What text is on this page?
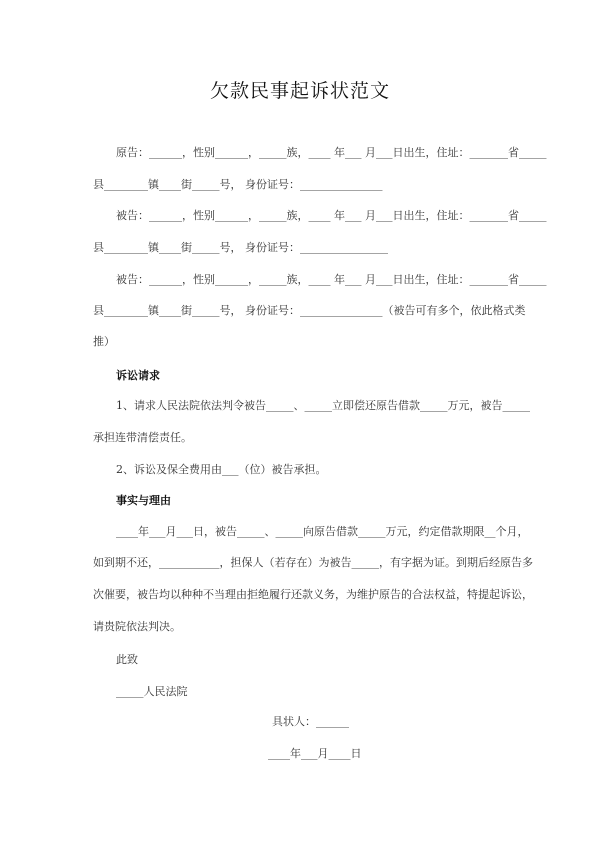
欠款民事起诉状范文
原告：______，性别______，_____族，____ 年___ 月___日出生，住址：_______省_____
县________镇____街_____号， 身份证号：_______________
被告：______，性别______，_____族，____ 年___ 月___日出生，住址：_______省_____
县________镇____街_____号， 身份证号：________________
被告：______，性别______，_____族，____ 年___ 月___日出生，住址：_______省_____
县________镇____街_____号， 身份证号：_______________（被告可有多个，依此格式类
推）
诉讼请求
1、请求人民法院依法判令被告_____、_____立即偿还原告借款_____万元，被告_____
承担连带清偿责任。
2、诉讼及保全费用由___（位）被告承担。
事实与理由
____年___月___日，被告_____、_____向原告借款_____万元，约定借款期限__个月，
如到期不还，___________，担保人（若存在）为被告_____，有字据为证。到期后经原告多
次催要，被告均以种种不当理由拒绝履行还款义务，为维护原告的合法权益，特提起诉讼，
请贵院依法判决。
此致
_____人民法院
具状人：______
____年___月____日
